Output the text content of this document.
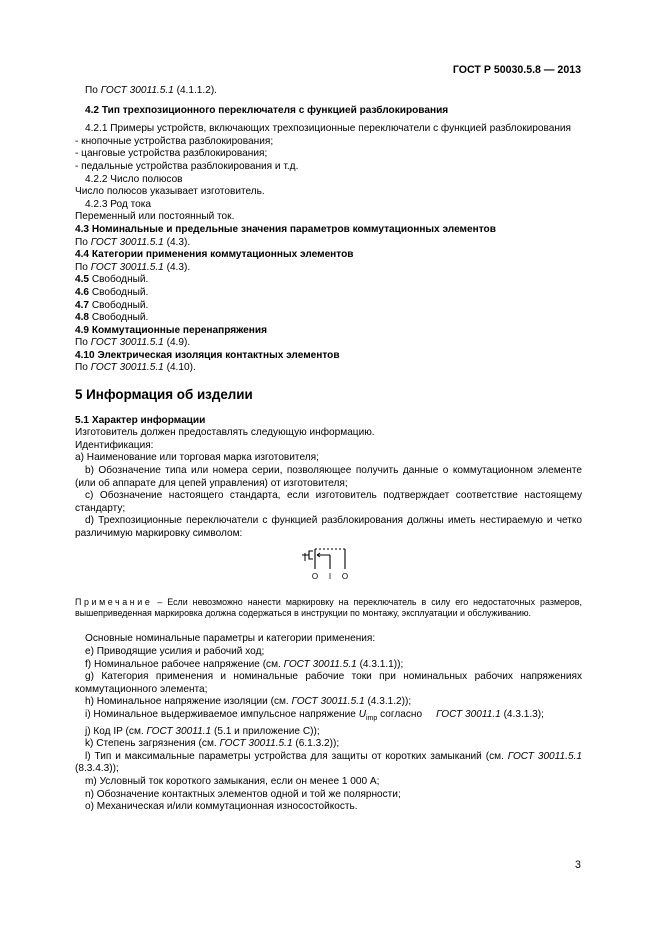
ГОСТ Р 50030.5.8 — 2013

По ГОСТ 30011.5.1 (4.1.1.2).

4.2 Тип трехпозиционного переключателя с функцией разблокирования

4.2.1 Примеры устройств, включающих трехпозиционные переключатели с функцией разблокирования

- кнопочные устройства разблокирования;

- цанговые устройства разблокирования;

- педальные устройства разблокирования и т.д.

4.2.2 Число полюсов

Число полюсов указывает изготовитель.

4.2.3 Род тока

Переменный или постоянный ток.

4.3 Номинальные и предельные значения параметров коммутационных элементов

По ГОСТ 30011.5.1 (4.3).

4.4 Категории применения коммутационных элементов

По ГОСТ 30011.5.1 (4.3).

4.5 Свободный.

4.6 Свободный.

4.7 Свободный.

4.8 Свободный.

4.9 Коммутационные перенапряжения

По ГОСТ 30011.5.1 (4.9).

4.10 Электрическая изоляция контактных элементов

По ГОСТ 30011.5.1 (4.10).

5 Информация об изделии

5.1 Характер информации

Изготовитель должен предоставлять следующую информацию.

Идентификация:

a) Наименование или торговая марка изготовителя;

b) Обозначение типа или номера серии, позволяющее получить данные о коммутационном элементе (или об аппарате для цепей управления) от изготовителя;

c) Обозначение настоящего стандарта, если изготовитель подтверждает соответствие настоящему стандарту;

d) Трехпозиционные переключатели с функцией разблокирования должны иметь нестираемую и четко различимую маркировку символом:

O I O

Примечание – Если невозможно нанести маркировку на переключатель в силу его недостаточных размеров, вышеприведенная маркировка должна содержаться в инструкции по монтажу, эксплуатации и обслуживанию.

Основные номинальные параметры и категории применения:

e) Приводящие усилия и рабочий ход;

f) Номинальное рабочее напряжение (см. ГОСТ 30011.5.1 (4.3.1.1));

g) Категория применения и номинальные рабочие токи при номинальных рабочих напряжениях коммутационного элемента;

h) Номинальное напряжение изоляции (см. ГОСТ 30011.5.1 (4.3.1.2));

i) Номинальное выдерживаемое импульсное напряжение $U_{imp}$ согласно     ГОСТ 30011.1 (4.3.1.3);

j) Код IP (см. ГОСТ 30011.1 (5.1 и приложение C));

k) Степень загрязнения (см. ГОСТ 30011.5.1 (6.1.3.2));

l) Тип и максимальные параметры устройства для защиты от коротких замыканий (см. ГОСТ 30011.5.1 (8.3.4.3));

m) Условный ток короткого замыкания, если он менее 1 000 А;

n) Обозначение контактных элементов одной и той же полярности;

o) Механическая и/или коммутационная износостойкость.

3
